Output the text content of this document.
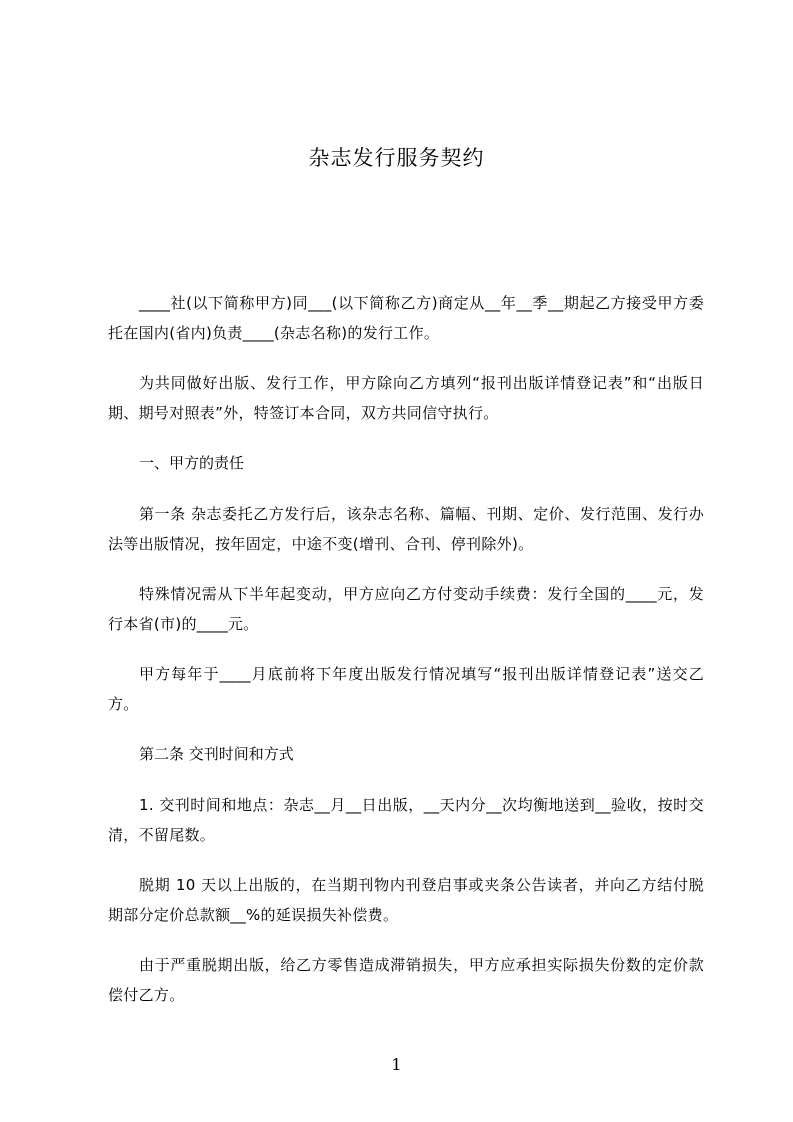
杂志发行服务契约

____社(以下简称甲方)同___(以下简称乙方)商定从__年__季__期起乙方接受甲方委托在国内(省内)负责____(杂志名称)的发行工作。

为共同做好出版、发行工作，甲方除向乙方填列“报刊出版详情登记表”和“出版日期、期号对照表”外，特签订本合同，双方共同信守执行。

一、甲方的责任

第一条 杂志委托乙方发行后，该杂志名称、篇幅、刊期、定价、发行范围、发行办法等出版情况，按年固定，中途不变(增刊、合刊、停刊除外)。

特殊情况需从下半年起变动，甲方应向乙方付变动手续费：发行全国的____元，发行本省(市)的____元。

甲方每年于____月底前将下年度出版发行情况填写“报刊出版详情登记表”送交乙方。

第二条 交刊时间和方式

1. 交刊时间和地点：杂志__月__日出版，__天内分__次均衡地送到__验收，按时交清，不留尾数。

脱期 10 天以上出版的，在当期刊物内刊登启事或夹条公告读者，并向乙方结付脱期部分定价总款额__%的延误损失补偿费。

由于严重脱期出版，给乙方零售造成滞销损失，甲方应承担实际损失份数的定价款偿付乙方。

1
